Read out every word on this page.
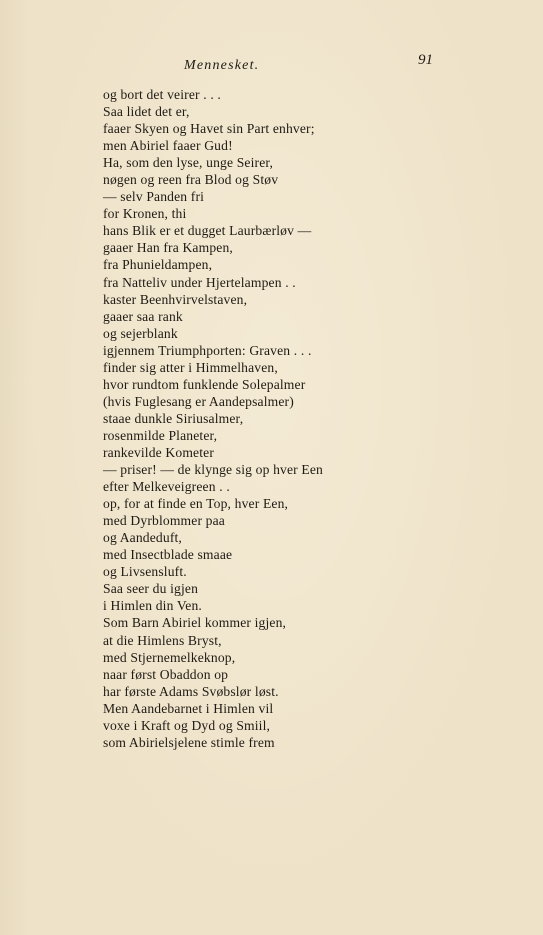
Mennesket.	91
og bort det veirer . . .
Saa lidet det er,
faaer Skyen og Havet sin Part enhver;
men Abiriel faaer Gud!
Ha, som den lyse, unge Seirer,
nøgen og reen fra Blod og Støv
— selv Panden fri
for Kronen, thi
hans Blik er et dugget Laurbærløv —
gaaer Han fra Kampen,
fra Phunieldampen,
fra Natteliv under Hjertelampen . .
kaster Beenhvirvelstaven,
gaaer saa rank
og sejerblank
igjennem Triumphporten: Graven . . .
finder sig atter i Himmelhaven,
hvor rundtom funklende Solepalmer
(hvis Fuglesang er Aandepsalmer)
staae dunkle Siriusalmer,
rosenmilde Planeter,
rankevilde Kometer
— priser! — de klynge sig op hver Een
efter Melkeveigreen . .
op, for at finde en Top, hver Een,
med Dyrblommer paa
og Aandeduft,
med Insectblade smaae
og Livsensluft.
Saa seer du igjen
i Himlen din Ven.
Som Barn Abiriel kommer igjen,
at die Himlens Bryst,
med Stjernemelkeknop,
naar først Obaddon op
har første Adams Svøbslør løst.
Men Aandebarnet i Himlen vil
voxe i Kraft og Dyd og Smiil,
som Abirielsjelene stimle frem
